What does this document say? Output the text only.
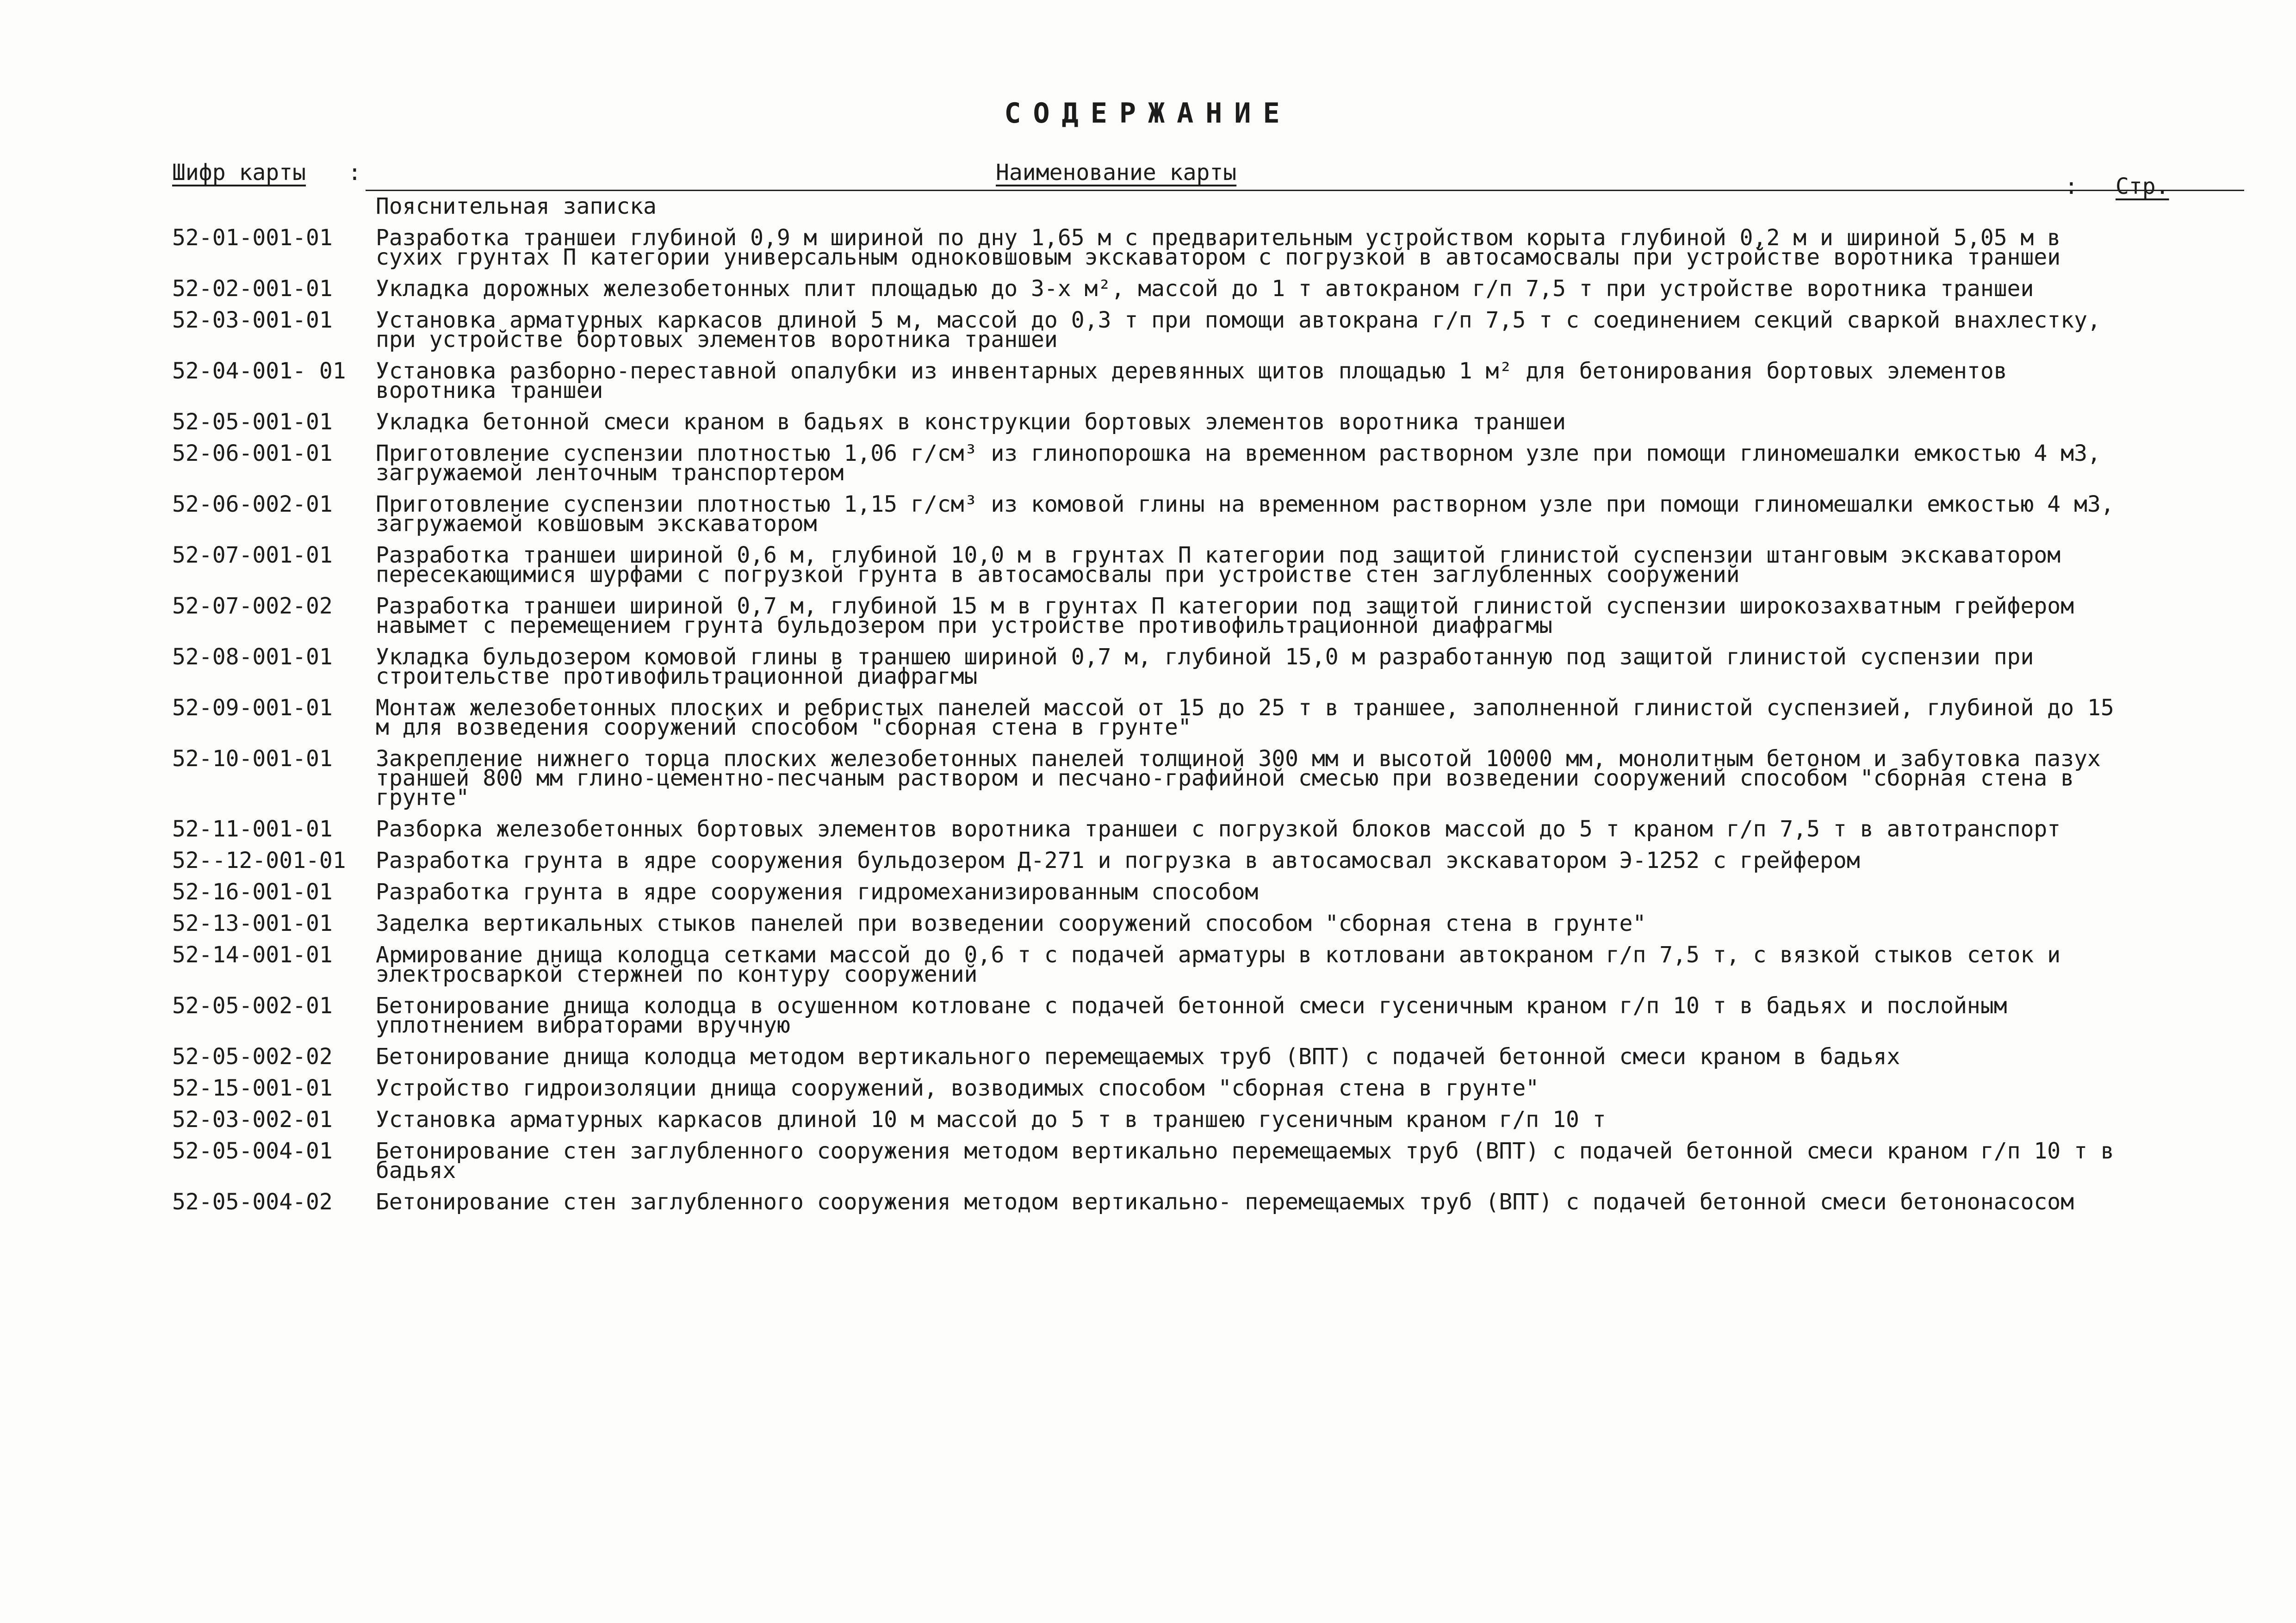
СОДЕРЖАНИЕ
Шифр карты :	Наименование карты
: Стр.
Пояснительная записка
52-01-001-01	Разработка траншеи глубиной 0,9 м шириной по дну 1,65 м с предварительным устройством корыта глубиной 0,2 м и шириной 5,05 м в сухих грунтах П категории универсальным одноковшовым экскаватором с погрузкой в автосамосвалы при устройстве воротника траншеи
52-02-001-01	Укладка дорожных железобетонных плит площадью до 3-х м², массой до 1 т автокраном г/п 7,5 т при устройстве воротника траншеи
52-03-001-01	Установка арматурных каркасов длиной 5 м, массой до 0,3 т при помощи автокрана г/п 7,5 т с соединением секций сваркой внахлестку, при устройстве бортовых элементов воротника траншеи
52-04-001- 01	Установка разборно-переставной опалубки из инвентарных деревянных щитов площадью 1 м² для бетонирования бортовых элементов воротника траншеи
52-05-001-01	Укладка бетонной смеси краном в бадьях в конструкции бортовых элементов воротника траншеи
52-06-001-01	Приготовление суспензии плотностью 1,06 г/см³ из глинопорошка на временном растворном узле при помощи глиномешалки емкостью 4 м3, загружаемой ленточным транспортером
52-06-002-01	Приготовление суспензии плотностью 1,15 г/см³ из комовой глины на временном растворном узле при помощи глиномешалки емкостью 4 м3, загружаемой ковшовым экскаватором
52-07-001-01	Разработка траншеи шириной 0,6 м, глубиной 10,0 м в грунтах П категории под защитой глинистой суспензии штанговым экскаватором пересекающимися шурфами с погрузкой грунта в автосамосвалы при устройстве стен заглубленных сооружений
52-07-002-02	Разработка траншеи шириной 0,7 м, глубиной 15 м в грунтах П категории под защитой глинистой суспензии широкозахватным грейфером навымет с перемещением грунта бульдозером при устройстве противофильтрационной диафрагмы
52-08-001-01	Укладка бульдозером комовой глины в траншею шириной 0,7 м, глубиной 15,0 м разработанную под защитой глинистой суспензии при строительстве противофильтрационной диафрагмы
52-09-001-01	Монтаж железобетонных плоских и ребристых панелей массой от 15 до 25 т в траншее, заполненной глинистой суспензией, глубиной до 15 м для возведения сооружений способом "сборная стена в грунте"
52-10-001-01	Закрепление нижнего торца плоских железобетонных панелей толщиной 300 мм и высотой 10000 мм, монолитным бетоном и забутовка пазух траншей 800 мм глино-цементно-песчаным раствором и песчано-графийной смесью при возведении сооружений способом "сборная стена в грунте"
52-11-001-01	Разборка железобетонных бортовых элементов воротника траншеи с погрузкой блоков массой до 5 т краном г/п 7,5 т в автотранспорт
52--12-001-01	Разработка грунта в ядре сооружения бульдозером Д-271 и погрузка в автосамосвал экскаватором Э-1252 с грейфером
52-16-001-01	Разработка грунта в ядре сооружения гидромеханизированным способом
52-13-001-01	Заделка вертикальных стыков панелей при возведении сооружений способом "сборная стена в грунте"
52-14-001-01	Армирование днища колодца сетками массой до 0,6 т с подачей арматуры в котловани автокраном г/п 7,5 т, с вязкой стыков сеток и электросваркой стержней по контуру сооружений
52-05-002-01	Бетонирование днища колодца в осушенном котловане с подачей бетонной смеси гусеничным краном г/п 10 т в бадьях и послойным уплотнением вибраторами вручную
52-05-002-02	Бетонирование днища колодца методом вертикального перемещаемых труб (ВПТ) с подачей бетонной смеси краном в бадьях
52-15-001-01	Устройство гидроизоляции днища сооружений, возводимых способом "сборная стена в грунте"
52-03-002-01	Установка арматурных каркасов длиной 10 м массой до 5 т в траншею гусеничным краном г/п 10 т
52-05-004-01	Бетонирование стен заглубленного сооружения методом вертикально перемещаемых труб (ВПТ) с подачей бетонной смеси краном г/п 10 т в бадьях
52-05-004-02	Бетонирование стен заглубленного сооружения методом вертикально- перемещаемых труб (ВПТ) с подачей бетонной смеси бетононасосом
